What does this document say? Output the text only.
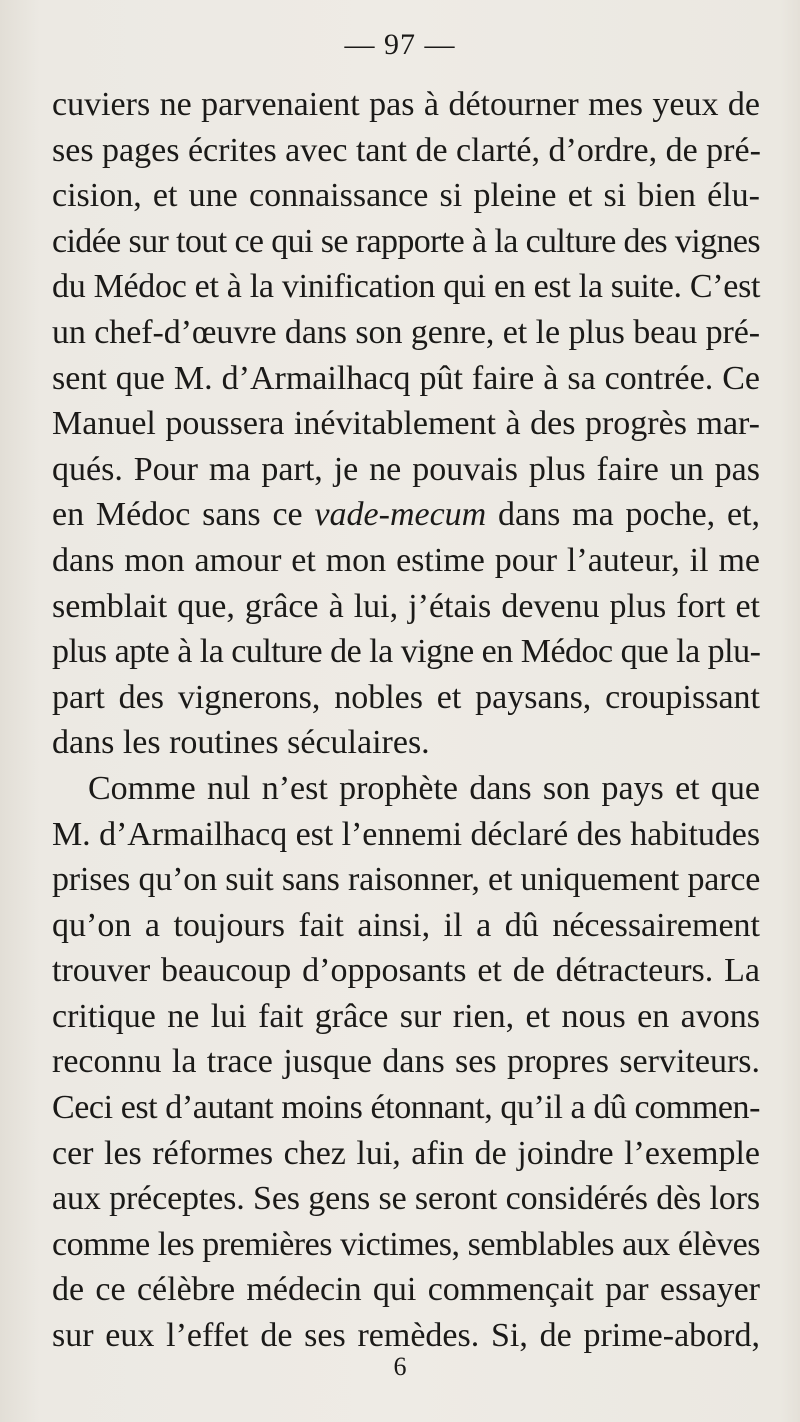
— 97 —
cuviers ne parvenaient pas à détourner mes yeux de
ses pages écrites avec tant de clarté, d’ordre, de pré-
cision, et une connaissance si pleine et si bien élu-
cidée sur tout ce qui se rapporte à la culture des vignes
du Médoc et à la vinification qui en est la suite. C’est
un chef-d’œuvre dans son genre, et le plus beau pré-
sent que M. d’Armailhacq pût faire à sa contrée. Ce
Manuel poussera inévitablement à des progrès mar-
qués. Pour ma part, je ne pouvais plus faire un pas
en Médoc sans ce vade-mecum dans ma poche, et,
dans mon amour et mon estime pour l’auteur, il me
semblait que, grâce à lui, j’étais devenu plus fort et
plus apte à la culture de la vigne en Médoc que la plu-
part des vignerons, nobles et paysans, croupissant
dans les routines séculaires.
Comme nul n’est prophète dans son pays et que
M. d’Armailhacq est l’ennemi déclaré des habitudes
prises qu’on suit sans raisonner, et uniquement parce
qu’on a toujours fait ainsi, il a dû nécessairement
trouver beaucoup d’opposants et de détracteurs. La
critique ne lui fait grâce sur rien, et nous en avons
reconnu la trace jusque dans ses propres serviteurs.
Ceci est d’autant moins étonnant, qu’il a dû commen-
cer les réformes chez lui, afin de joindre l’exemple
aux préceptes. Ses gens se seront considérés dès lors
comme les premières victimes, semblables aux élèves
de ce célèbre médecin qui commençait par essayer
sur eux l’effet de ses remèdes. Si, de prime-abord,
6
